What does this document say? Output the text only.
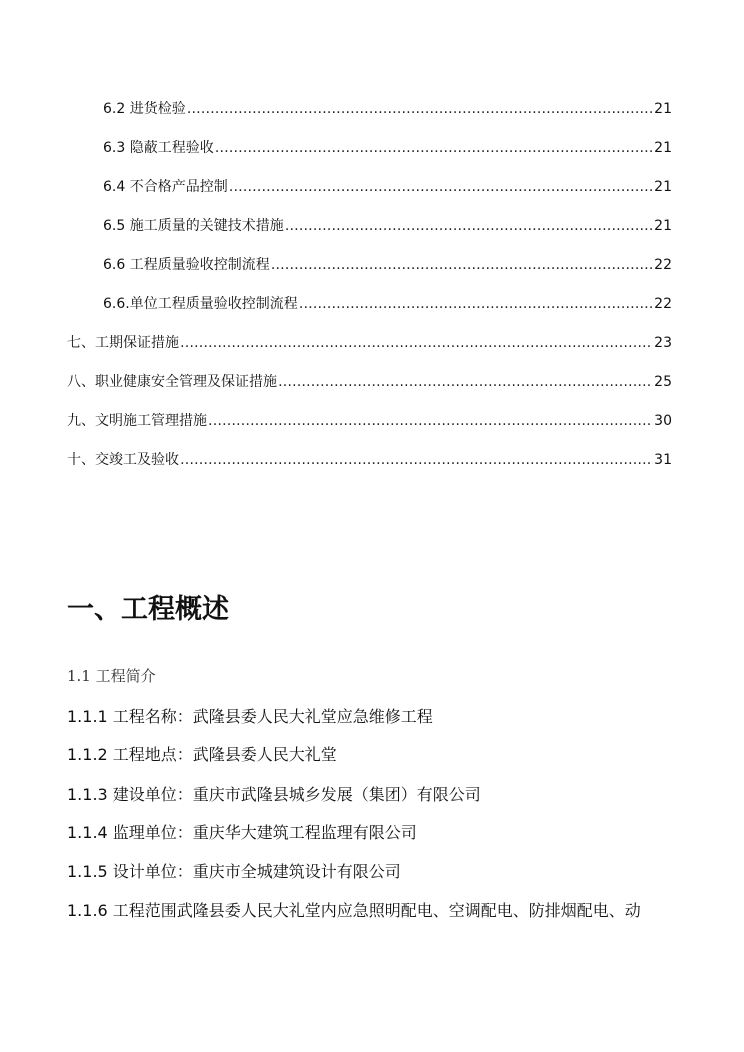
6.2 进货检验 ………………………………………………………………………………………………………………………………………………………………………………………………………………………………………………	21
6.3 隐蔽工程验收 ………………………………………………………………………………………………………………………………………………………………………………………………………………………………………………	21
6.4 不合格产品控制 ………………………………………………………………………………………………………………………………………………………………………………………………………………………………………………	21
6.5 施工质量的关键技术措施 ………………………………………………………………………………………………………………………………………………………………………………………………………………………………………………	21
6.6 工程质量验收控制流程 ………………………………………………………………………………………………………………………………………………………………………………………………………………………………………………	22
6.6.单位工程质量验收控制流程 ………………………………………………………………………………………………………………………………………………………………………………………………………………………………………………	22
七、工期保证措施 ………………………………………………………………………………………………………………………………………………………………………………………………………………………………………………	23
八、职业健康安全管理及保证措施 ………………………………………………………………………………………………………………………………………………………………………………………………………………………………………………	25
九、文明施工管理措施 ………………………………………………………………………………………………………………………………………………………………………………………………………………………………………………	30
十、交竣工及验收 ………………………………………………………………………………………………………………………………………………………………………………………………………………………………………………	31
一、工程概述
1.1 工程简介
1.1.1 工程名称：武隆县委人民大礼堂应急维修工程
1.1.2 工程地点：武隆县委人民大礼堂
1.1.3 建设单位：重庆市武隆县城乡发展（集团）有限公司
1.1.4 监理单位：重庆华大建筑工程监理有限公司
1.1.5 设计单位：重庆市全城建筑设计有限公司
1.1.6 工程范围武隆县委人民大礼堂内应急照明配电、空调配电、防排烟配电、动
